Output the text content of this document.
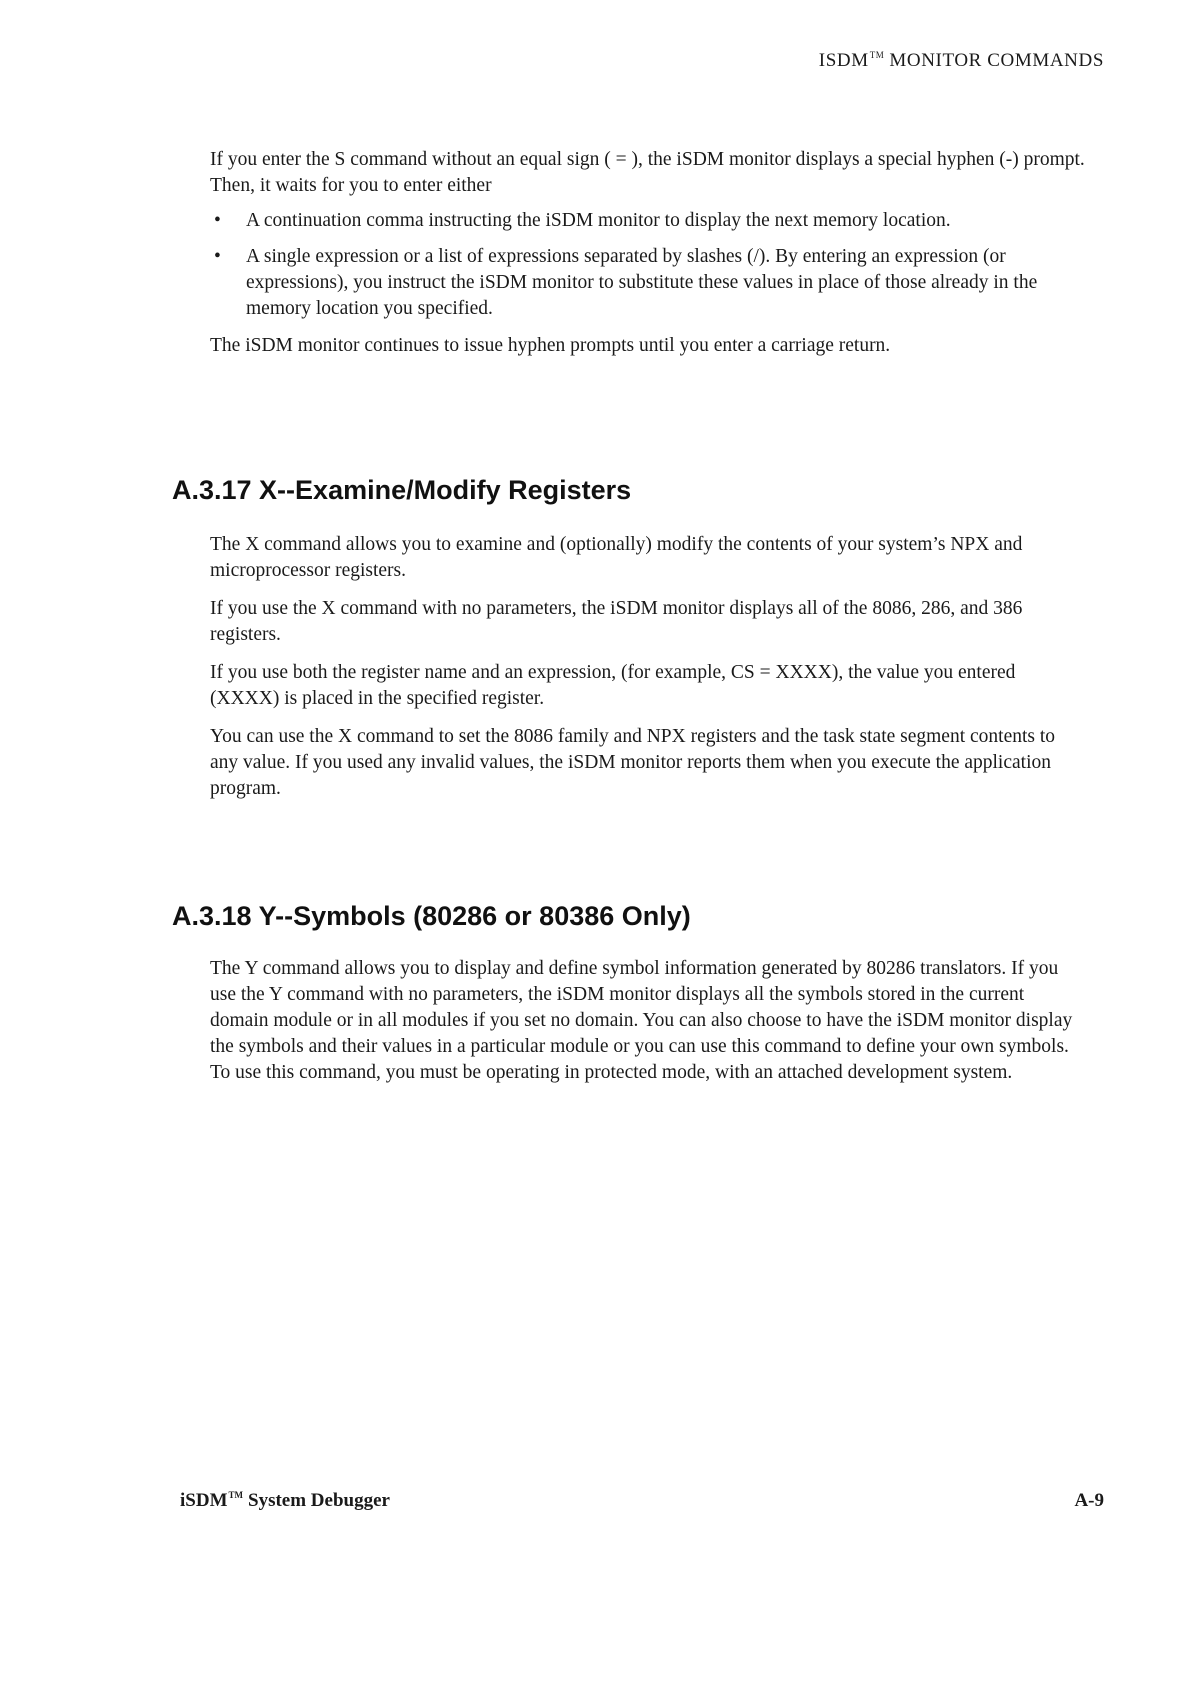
ISDM™ MONITOR COMMANDS

If you enter the S command without an equal sign ( = ), the iSDM monitor displays a special hyphen (-) prompt. Then, it waits for you to enter either

• A continuation comma instructing the iSDM monitor to display the next memory location.
• A single expression or a list of expressions separated by slashes (/). By entering an expression (or expressions), you instruct the iSDM monitor to substitute these values in place of those already in the memory location you specified.

The iSDM monitor continues to issue hyphen prompts until you enter a carriage return.

A.3.17 X--Examine/Modify Registers

The X command allows you to examine and (optionally) modify the contents of your system’s NPX and microprocessor registers.

If you use the X command with no parameters, the iSDM monitor displays all of the 8086, 286, and 386 registers.

If you use both the register name and an expression, (for example, CS = XXXX), the value you entered (XXXX) is placed in the specified register.

You can use the X command to set the 8086 family and NPX registers and the task state segment contents to any value. If you used any invalid values, the iSDM monitor reports them when you execute the application program.

A.3.18 Y--Symbols (80286 or 80386 Only)

The Y command allows you to display and define symbol information generated by 80286 translators. If you use the Y command with no parameters, the iSDM monitor displays all the symbols stored in the current domain module or in all modules if you set no domain. You can also choose to have the iSDM monitor display the symbols and their values in a particular module or you can use this command to define your own symbols. To use this command, you must be operating in protected mode, with an attached development system.

iSDM™ System Debugger	A-9
